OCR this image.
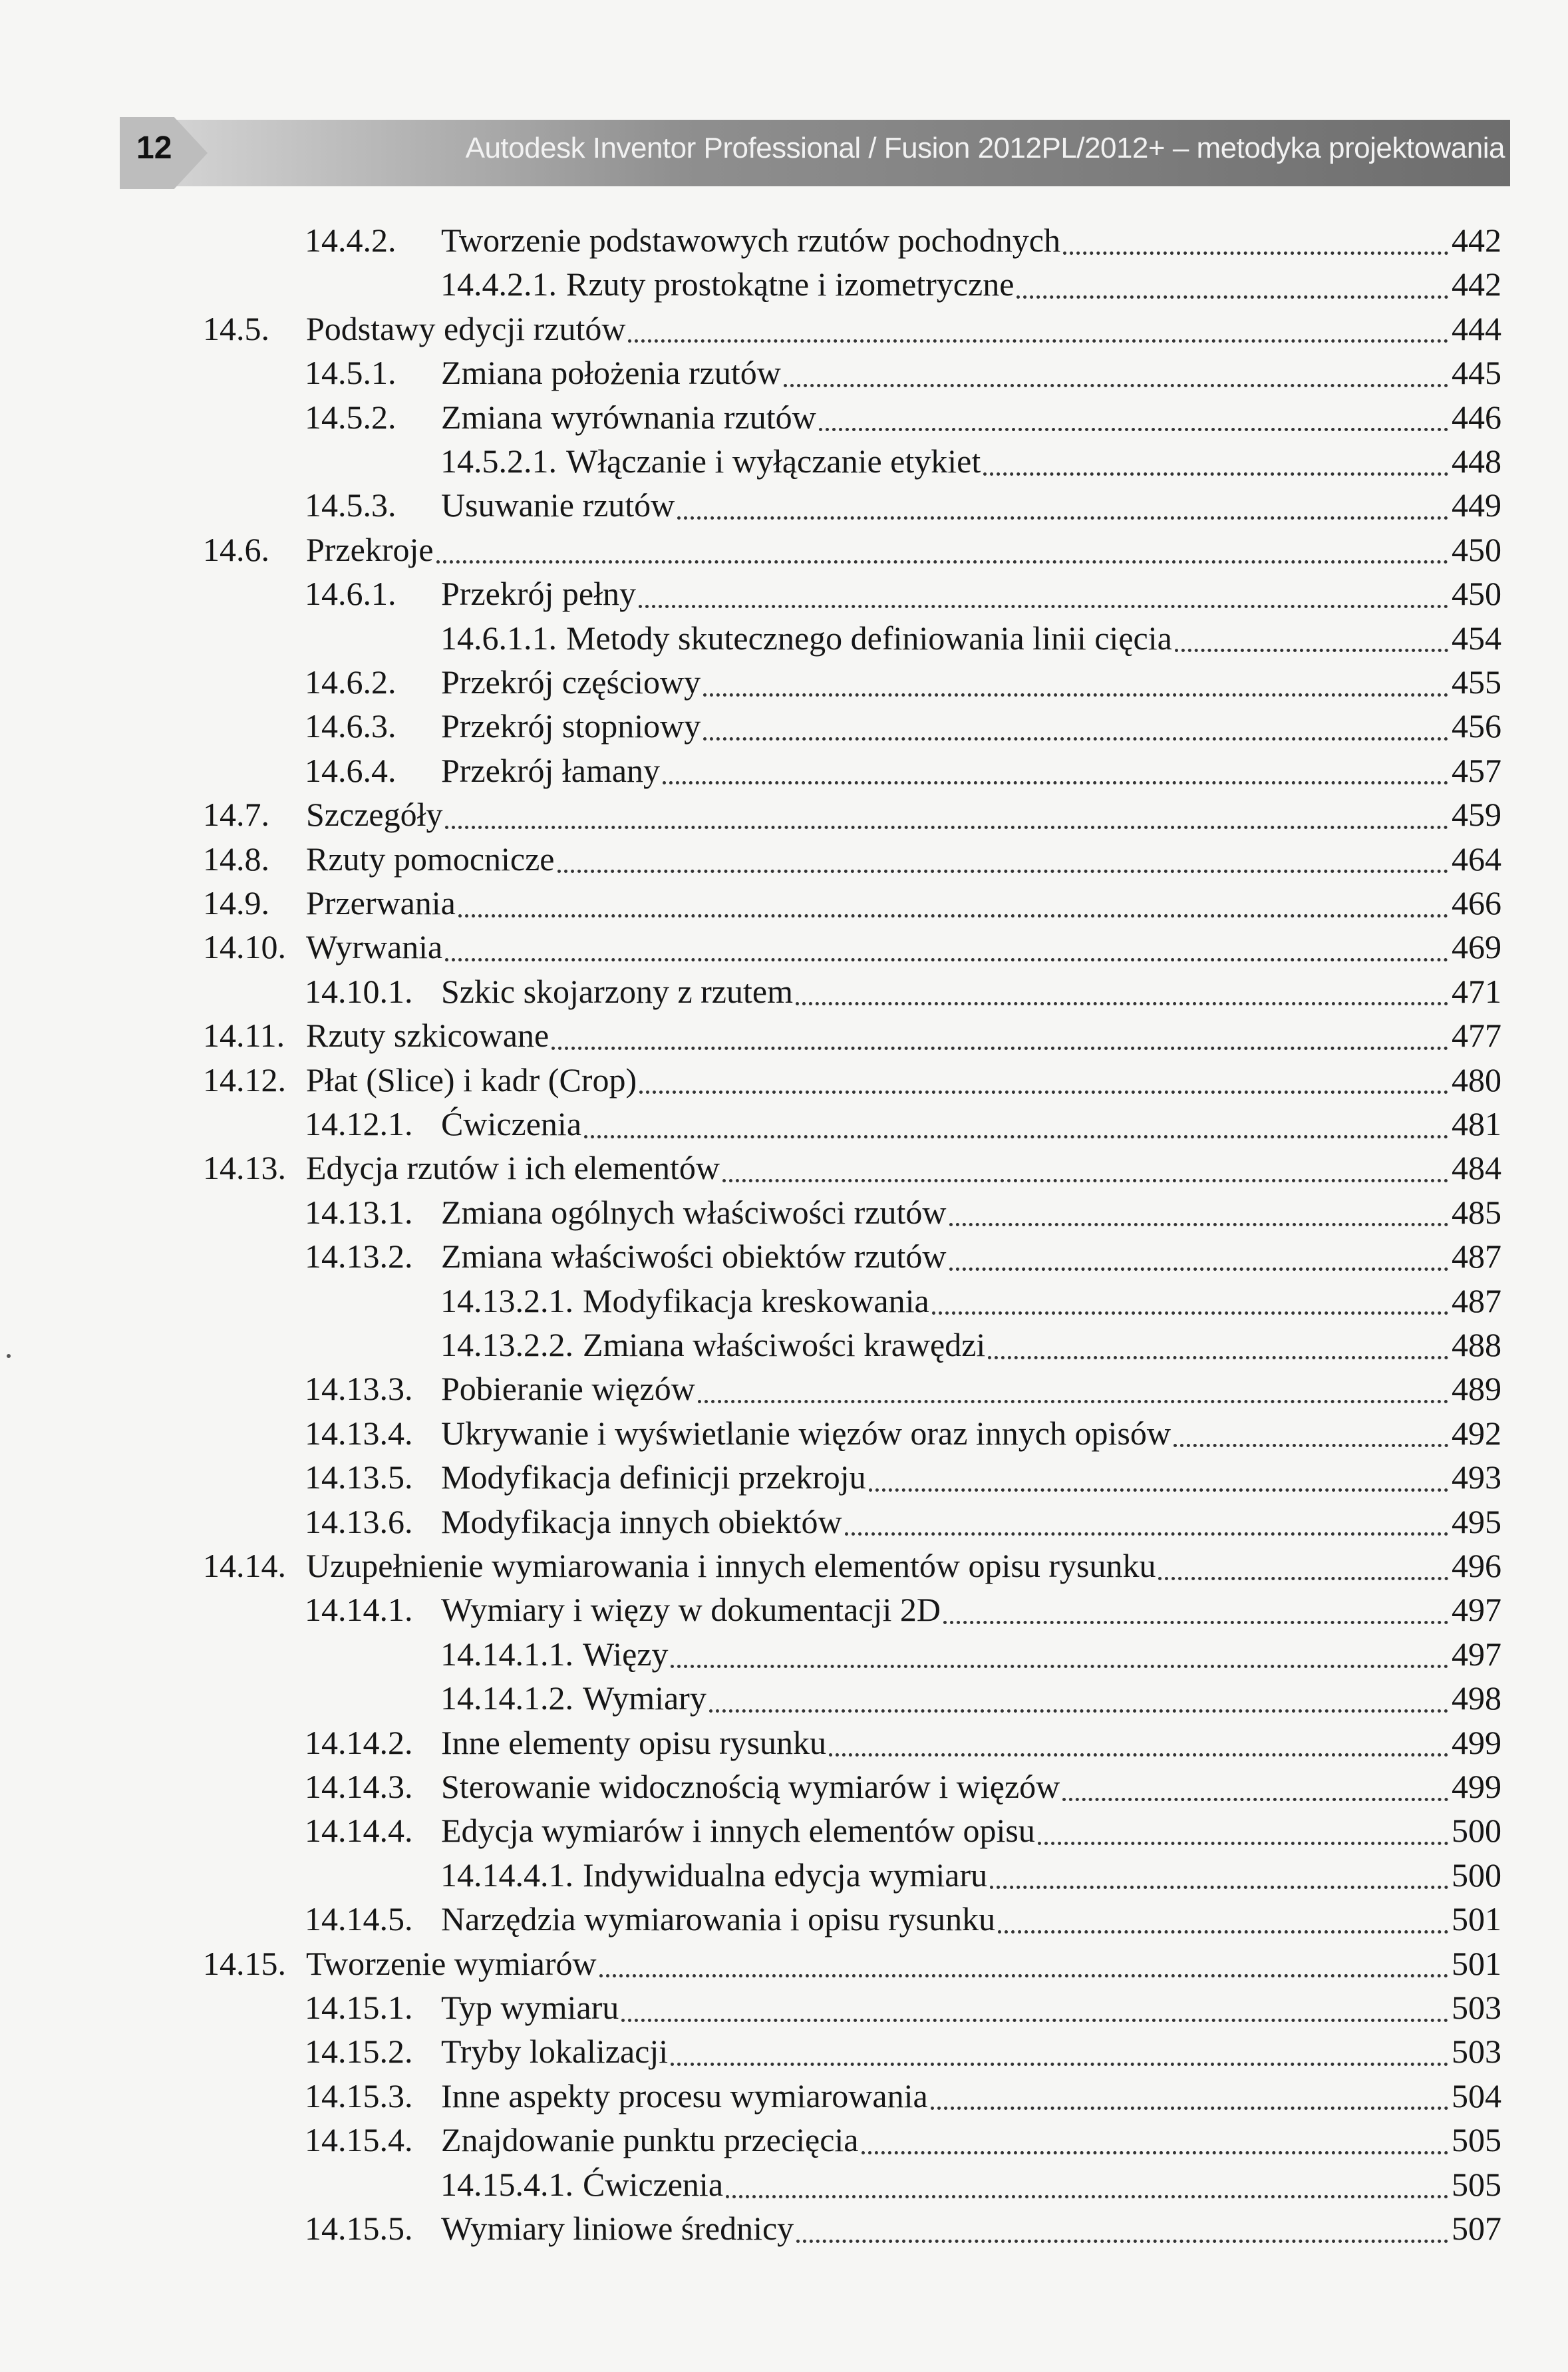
12	Autodesk Inventor Professional / Fusion 2012PL/2012+ – metodyka projektowania
14.4.2.	Tworzenie podstawowych rzutów pochodnych	442
14.4.2.1. Rzuty prostokątne i izometryczne	442
14.5.	Podstawy edycji rzutów	444
14.5.1.	Zmiana położenia rzutów	445
14.5.2.	Zmiana wyrównania rzutów	446
14.5.2.1. Włączanie i wyłączanie etykiet	448
14.5.3.	Usuwanie rzutów	449
14.6.	Przekroje	450
14.6.1.	Przekrój pełny	450
14.6.1.1. Metody skutecznego definiowania linii cięcia	454
14.6.2.	Przekrój częściowy	455
14.6.3.	Przekrój stopniowy	456
14.6.4.	Przekrój łamany	457
14.7.	Szczegóły	459
14.8.	Rzuty pomocnicze	464
14.9.	Przerwania	466
14.10. Wyrwania	469
14.10.1. Szkic skojarzony z rzutem	471
14.11. Rzuty szkicowane	477
14.12. Płat (Slice) i kadr (Crop)	480
14.12.1. Ćwiczenia	481
14.13. Edycja rzutów i ich elementów	484
14.13.1. Zmiana ogólnych właściwości rzutów	485
14.13.2. Zmiana właściwości obiektów rzutów	487
14.13.2.1. Modyfikacja kreskowania	487
14.13.2.2. Zmiana właściwości krawędzi	488
14.13.3. Pobieranie więzów	489
14.13.4. Ukrywanie i wyświetlanie więzów oraz innych opisów	492
14.13.5. Modyfikacja definicji przekroju	493
14.13.6. Modyfikacja innych obiektów	495
14.14. Uzupełnienie wymiarowania i innych elementów opisu rysunku	496
14.14.1. Wymiary i więzy w dokumentacji 2D	497
14.14.1.1. Więzy	497
14.14.1.2. Wymiary	498
14.14.2. Inne elementy opisu rysunku	499
14.14.3. Sterowanie widocznością wymiarów i więzów	499
14.14.4. Edycja wymiarów i innych elementów opisu	500
14.14.4.1. Indywidualna edycja wymiaru	500
14.14.5. Narzędzia wymiarowania i opisu rysunku	501
14.15. Tworzenie wymiarów	501
14.15.1. Typ wymiaru	503
14.15.2. Tryby lokalizacji	503
14.15.3. Inne aspekty procesu wymiarowania	504
14.15.4. Znajdowanie punktu przecięcia	505
14.15.4.1. Ćwiczenia	505
14.15.5. Wymiary liniowe średnicy	507
